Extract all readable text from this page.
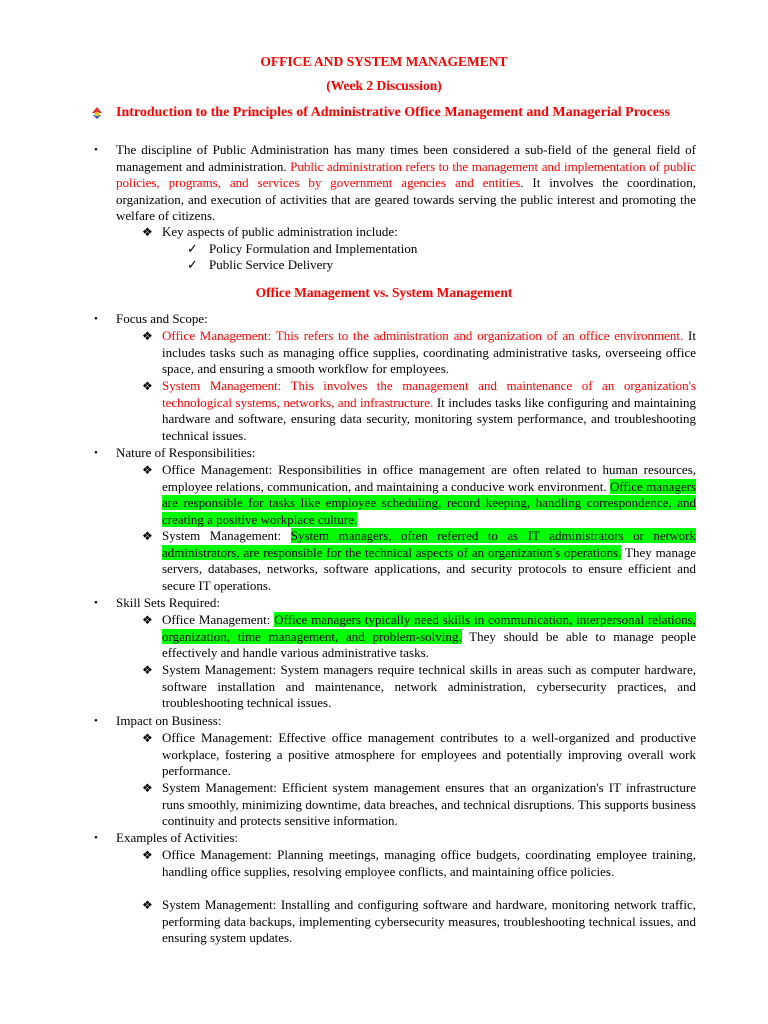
OFFICE AND SYSTEM MANAGEMENT
(Week 2 Discussion)
Introduction to the Principles of Administrative Office Management and Managerial Process
• The discipline of Public Administration has many times been considered a sub-field of the general field of management and administration. Public administration refers to the management and implementation of public policies, programs, and services by government agencies and entities. It involves the coordination, organization, and execution of activities that are geared towards serving the public interest and promoting the welfare of citizens.
❖ Key aspects of public administration include:
✓ Policy Formulation and Implementation
✓ Public Service Delivery
Office Management vs. System Management
• Focus and Scope:
❖ Office Management: This refers to the administration and organization of an office environment. It includes tasks such as managing office supplies, coordinating administrative tasks, overseeing office space, and ensuring a smooth workflow for employees.
❖ System Management: This involves the management and maintenance of an organization's technological systems, networks, and infrastructure. It includes tasks like configuring and maintaining hardware and software, ensuring data security, monitoring system performance, and troubleshooting technical issues.
• Nature of Responsibilities:
❖ Office Management: Responsibilities in office management are often related to human resources, employee relations, communication, and maintaining a conducive work environment. Office managers are responsible for tasks like employee scheduling, record keeping, handling correspondence, and creating a positive workplace culture.
❖ System Management: System managers, often referred to as IT administrators or network administrators, are responsible for the technical aspects of an organization's operations. They manage servers, databases, networks, software applications, and security protocols to ensure efficient and secure IT operations.
• Skill Sets Required:
❖ Office Management: Office managers typically need skills in communication, interpersonal relations, organization, time management, and problem-solving. They should be able to manage people effectively and handle various administrative tasks.
❖ System Management: System managers require technical skills in areas such as computer hardware, software installation and maintenance, network administration, cybersecurity practices, and troubleshooting technical issues.
• Impact on Business:
❖ Office Management: Effective office management contributes to a well-organized and productive workplace, fostering a positive atmosphere for employees and potentially improving overall work performance.
❖ System Management: Efficient system management ensures that an organization's IT infrastructure runs smoothly, minimizing downtime, data breaches, and technical disruptions. This supports business continuity and protects sensitive information.
• Examples of Activities:
❖ Office Management: Planning meetings, managing office budgets, coordinating employee training, handling office supplies, resolving employee conflicts, and maintaining office policies.
❖ System Management: Installing and configuring software and hardware, monitoring network traffic, performing data backups, implementing cybersecurity measures, troubleshooting technical issues, and ensuring system updates.
